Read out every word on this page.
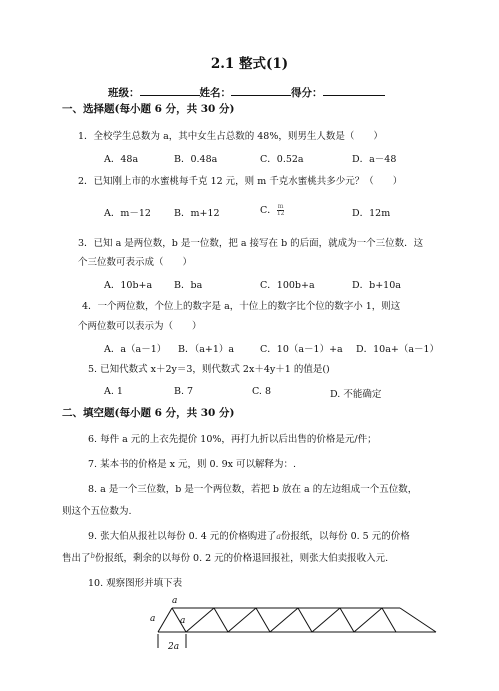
2.1 整式(1)
班级：	姓名：	得分：
一、选择题(每小题 6 分，共 30 分)
1．全校学生总数为 a，其中女生占总数的 48%，则男生人数是（　　）
A．48a	B．0.48a	C．0.52a	D．a－48
2．已知刚上市的水蜜桃每千克 12 元，则 m 千克水蜜桃共多少元？（　　）
A．m－12 B．m+12	C． $\frac{m}{12}$	D．12m
3．已知 a 是两位数，b 是一位数，把 a 接写在 b 的后面，就成为一个三位数．这
个三位数可表示成（　　）
A．10b+a B．ba	C．100b+a	D．b+10a
4．一个两位数，个位上的数字是 a，十位上的数字比个位的数字小 1，则这
个两位数可以表示为（　　）
A．a（a－1） B．（a+1）a	C．10（a－1）+a D．10a+（a－1）
5. 已知代数式 x＋2y＝3，则代数式 2x＋4y＋1 的值是()
A. 1	B. 7	C. 8	D. 不能确定
二、填空题(每小题 6 分，共 30 分)
6. 每件 a 元的上衣先提价 10%，再打九折以后出售的价格是元/件；
7. 某本书的价格是 x 元，则 0. 9x 可以解释为：.
8. a 是一个三位数，b 是一个两位数，若把 b 放在 a 的左边组成一个五位数，
则这个五位数为.
9. 张大伯从报社以每份 0. 4 元的价格购进了a份报纸，以每份 0. 5 元的价格
售出了$^b$份报纸，剩余的以每份 0. 2 元的价格退回报社，则张大伯卖报收入元.
10. 观察图形并填下表
a
a	a
2a
